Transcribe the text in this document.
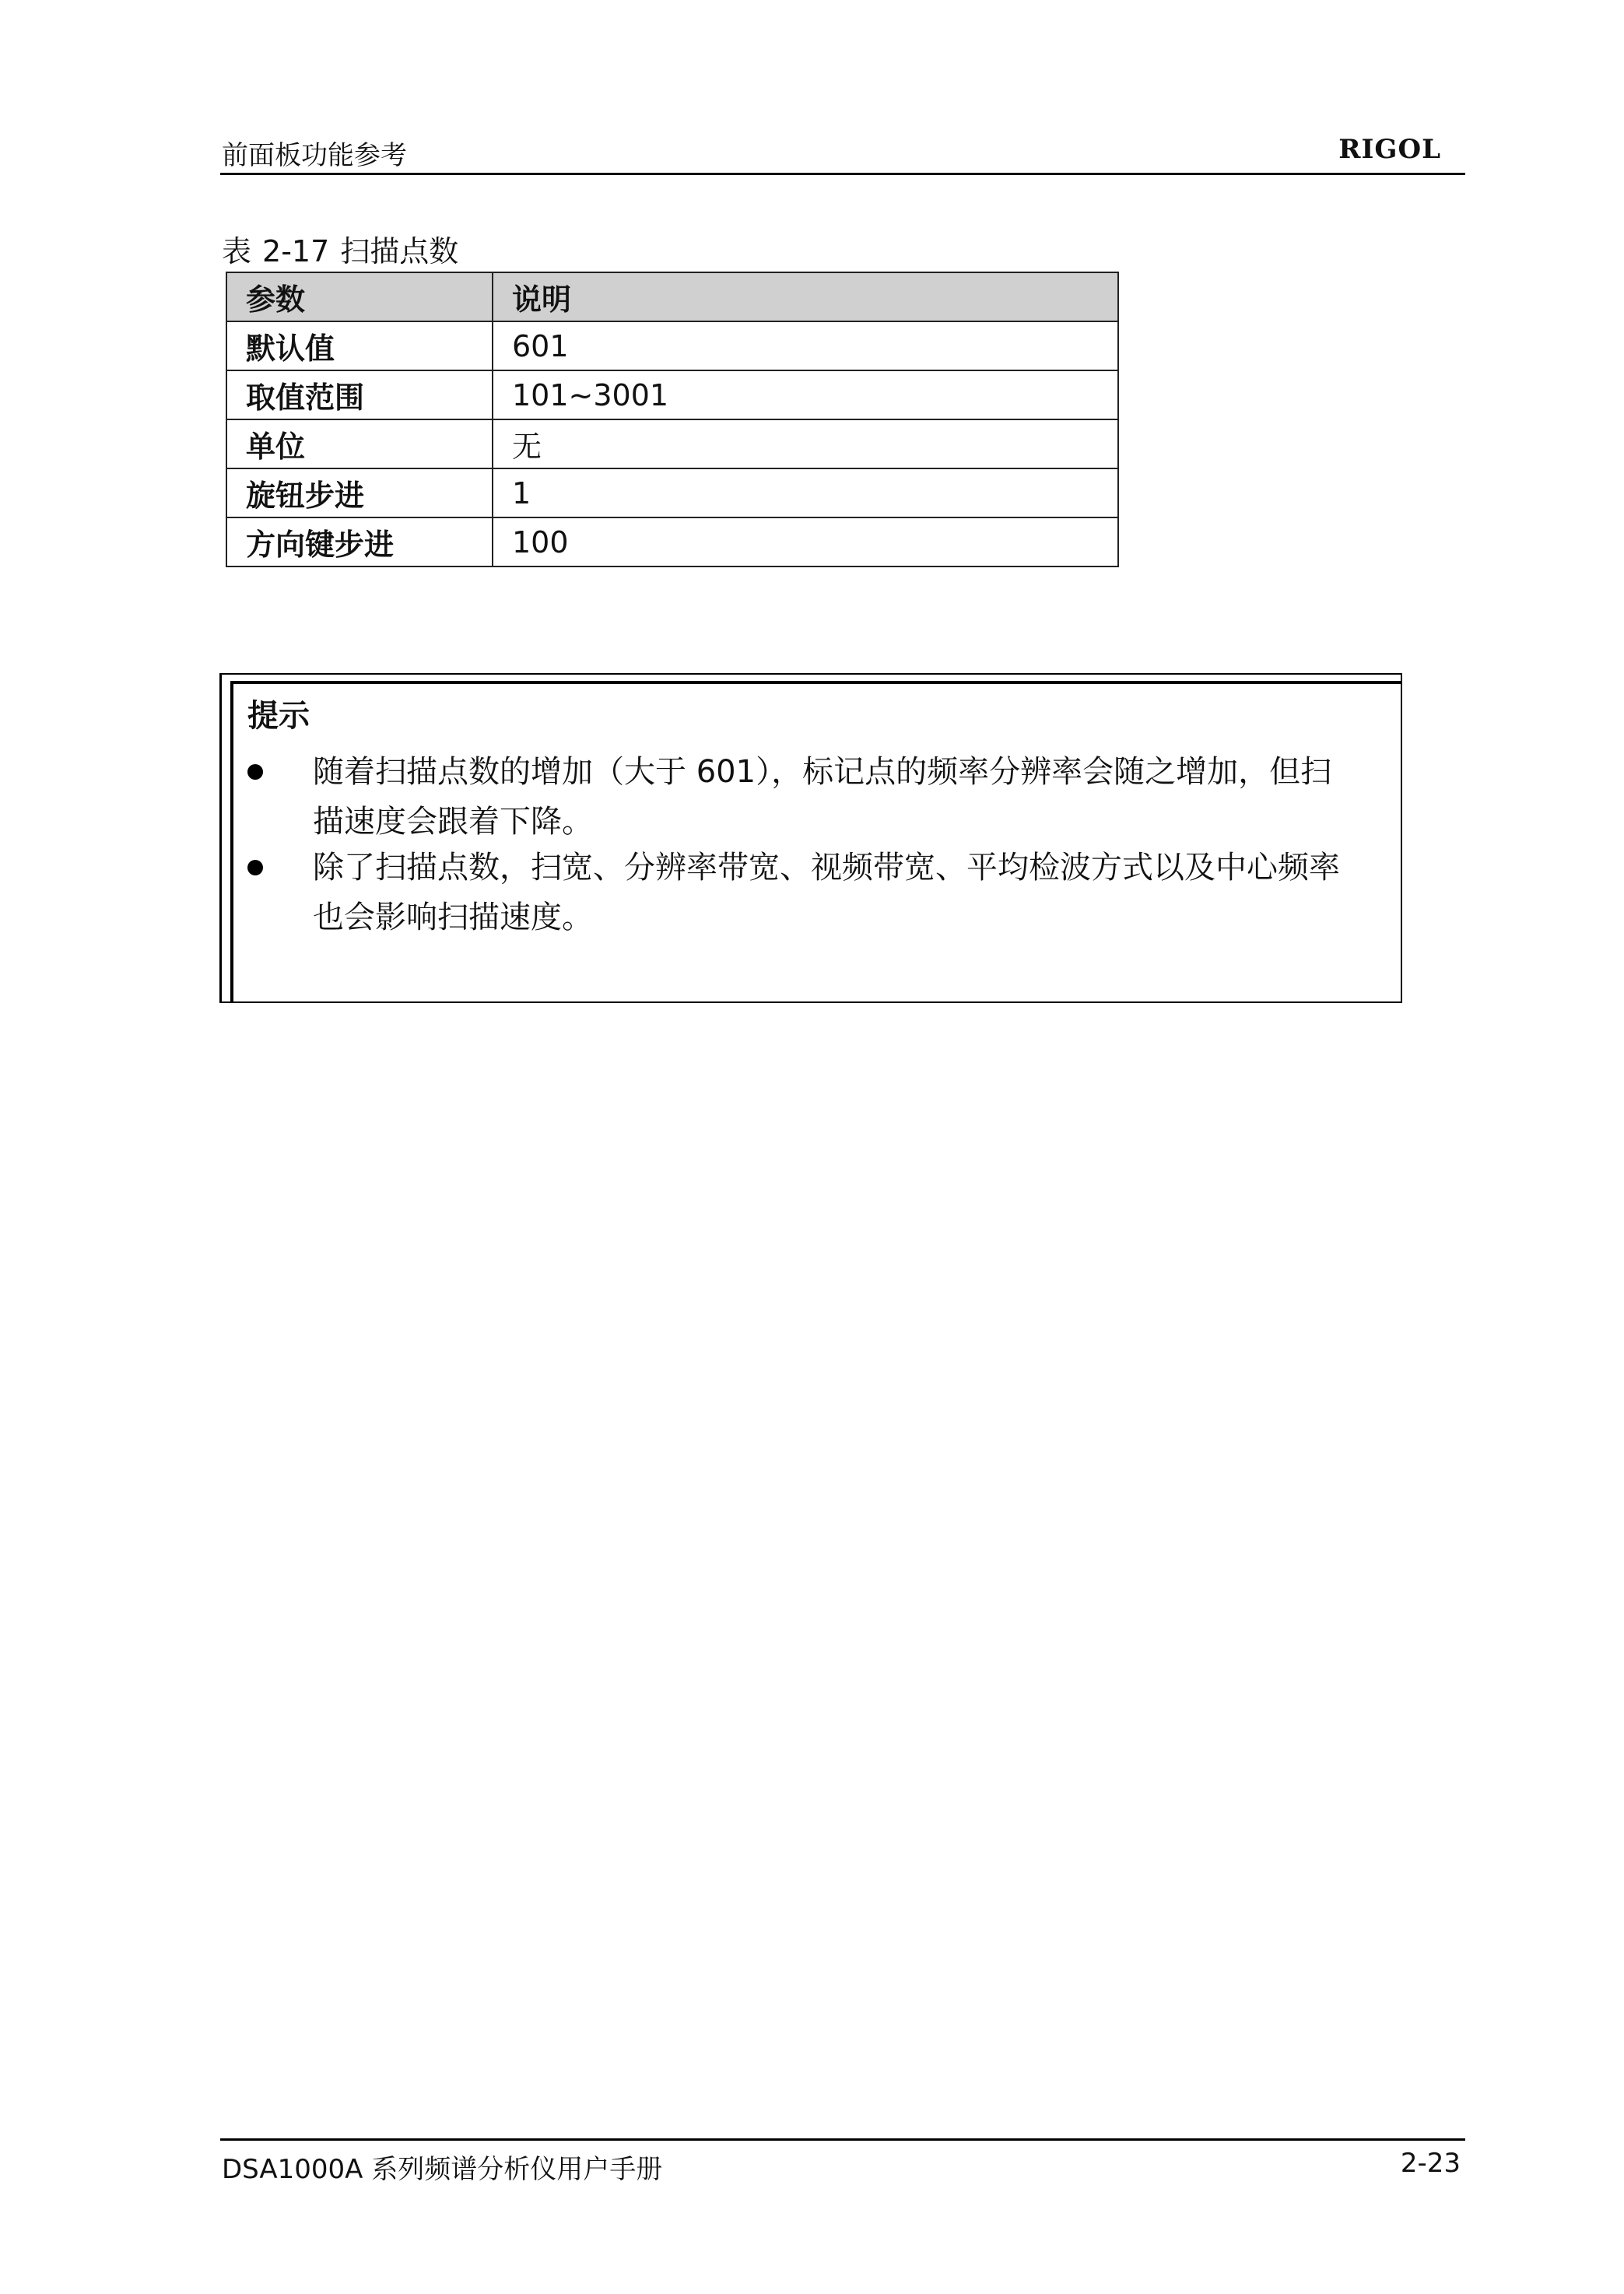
前面板功能参考	RIGOL
表 2-17 扫描点数
参数	说明
默认值	601
取值范围	101~3001
单位	无
旋钮步进	1
方向键步进	100
提示
随着扫描点数的增加（大于 601），标记点的频率分辨率会随之增加，但扫
描速度会跟着下降。
除了扫描点数，扫宽、分辨率带宽、视频带宽、平均检波方式以及中心频率
也会影响扫描速度。
DSA1000A 系列频谱分析仪用户手册	2-23
